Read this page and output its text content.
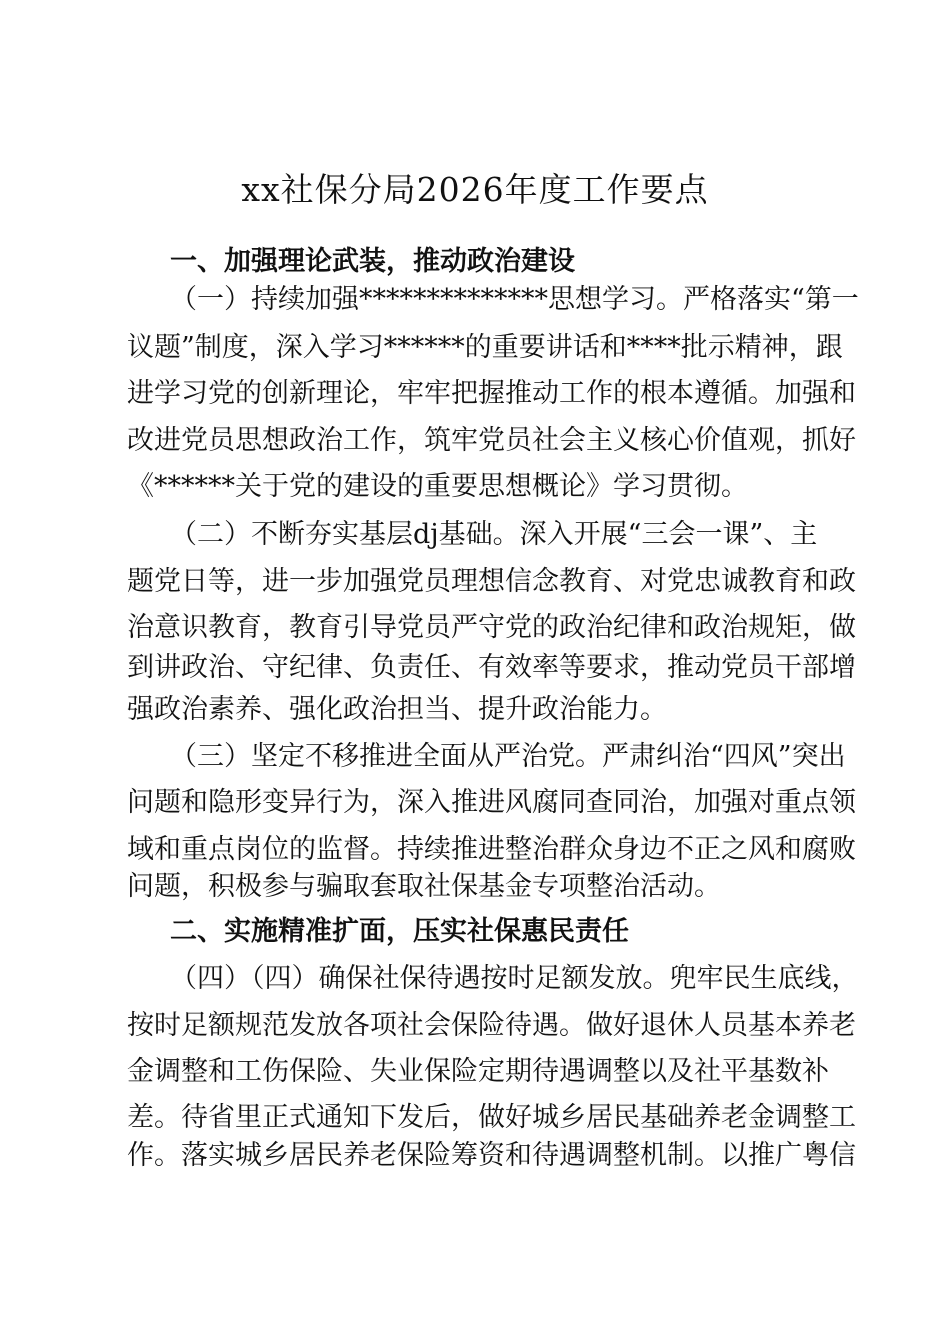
xx社保分局2026年度工作要点
一、加强理论武装，推动政治建设
（一）持续加强**************思想学习。严格落实“第一
议题”制度，深入学习******的重要讲话和****批示精神，跟
进学习党的创新理论，牢牢把握推动工作的根本遵循。加强和
改进党员思想政治工作，筑牢党员社会主义核心价值观，抓好
《******关于党的建设的重要思想概论》学习贯彻。
（二）不断夯实基层dj基础。深入开展“三会一课”、主
题党日等，进一步加强党员理想信念教育、对党忠诚教育和政
治意识教育，教育引导党员严守党的政治纪律和政治规矩，做
到讲政治、守纪律、负责任、有效率等要求，推动党员干部增
强政治素养、强化政治担当、提升政治能力。
（三）坚定不移推进全面从严治党。严肃纠治“四风”突出
问题和隐形变异行为，深入推进风腐同查同治，加强对重点领
域和重点岗位的监督。持续推进整治群众身边不正之风和腐败
问题，积极参与骗取套取社保基金专项整治活动。
二、实施精准扩面，压实社保惠民责任
（四）（四）确保社保待遇按时足额发放。兜牢民生底线，
按时足额规范发放各项社会保险待遇。做好退休人员基本养老
金调整和工伤保险、失业保险定期待遇调整以及社平基数补
差。待省里正式通知下发后，做好城乡居民基础养老金调整工
作。落实城乡居民养老保险筹资和待遇调整机制。以推广粤信
